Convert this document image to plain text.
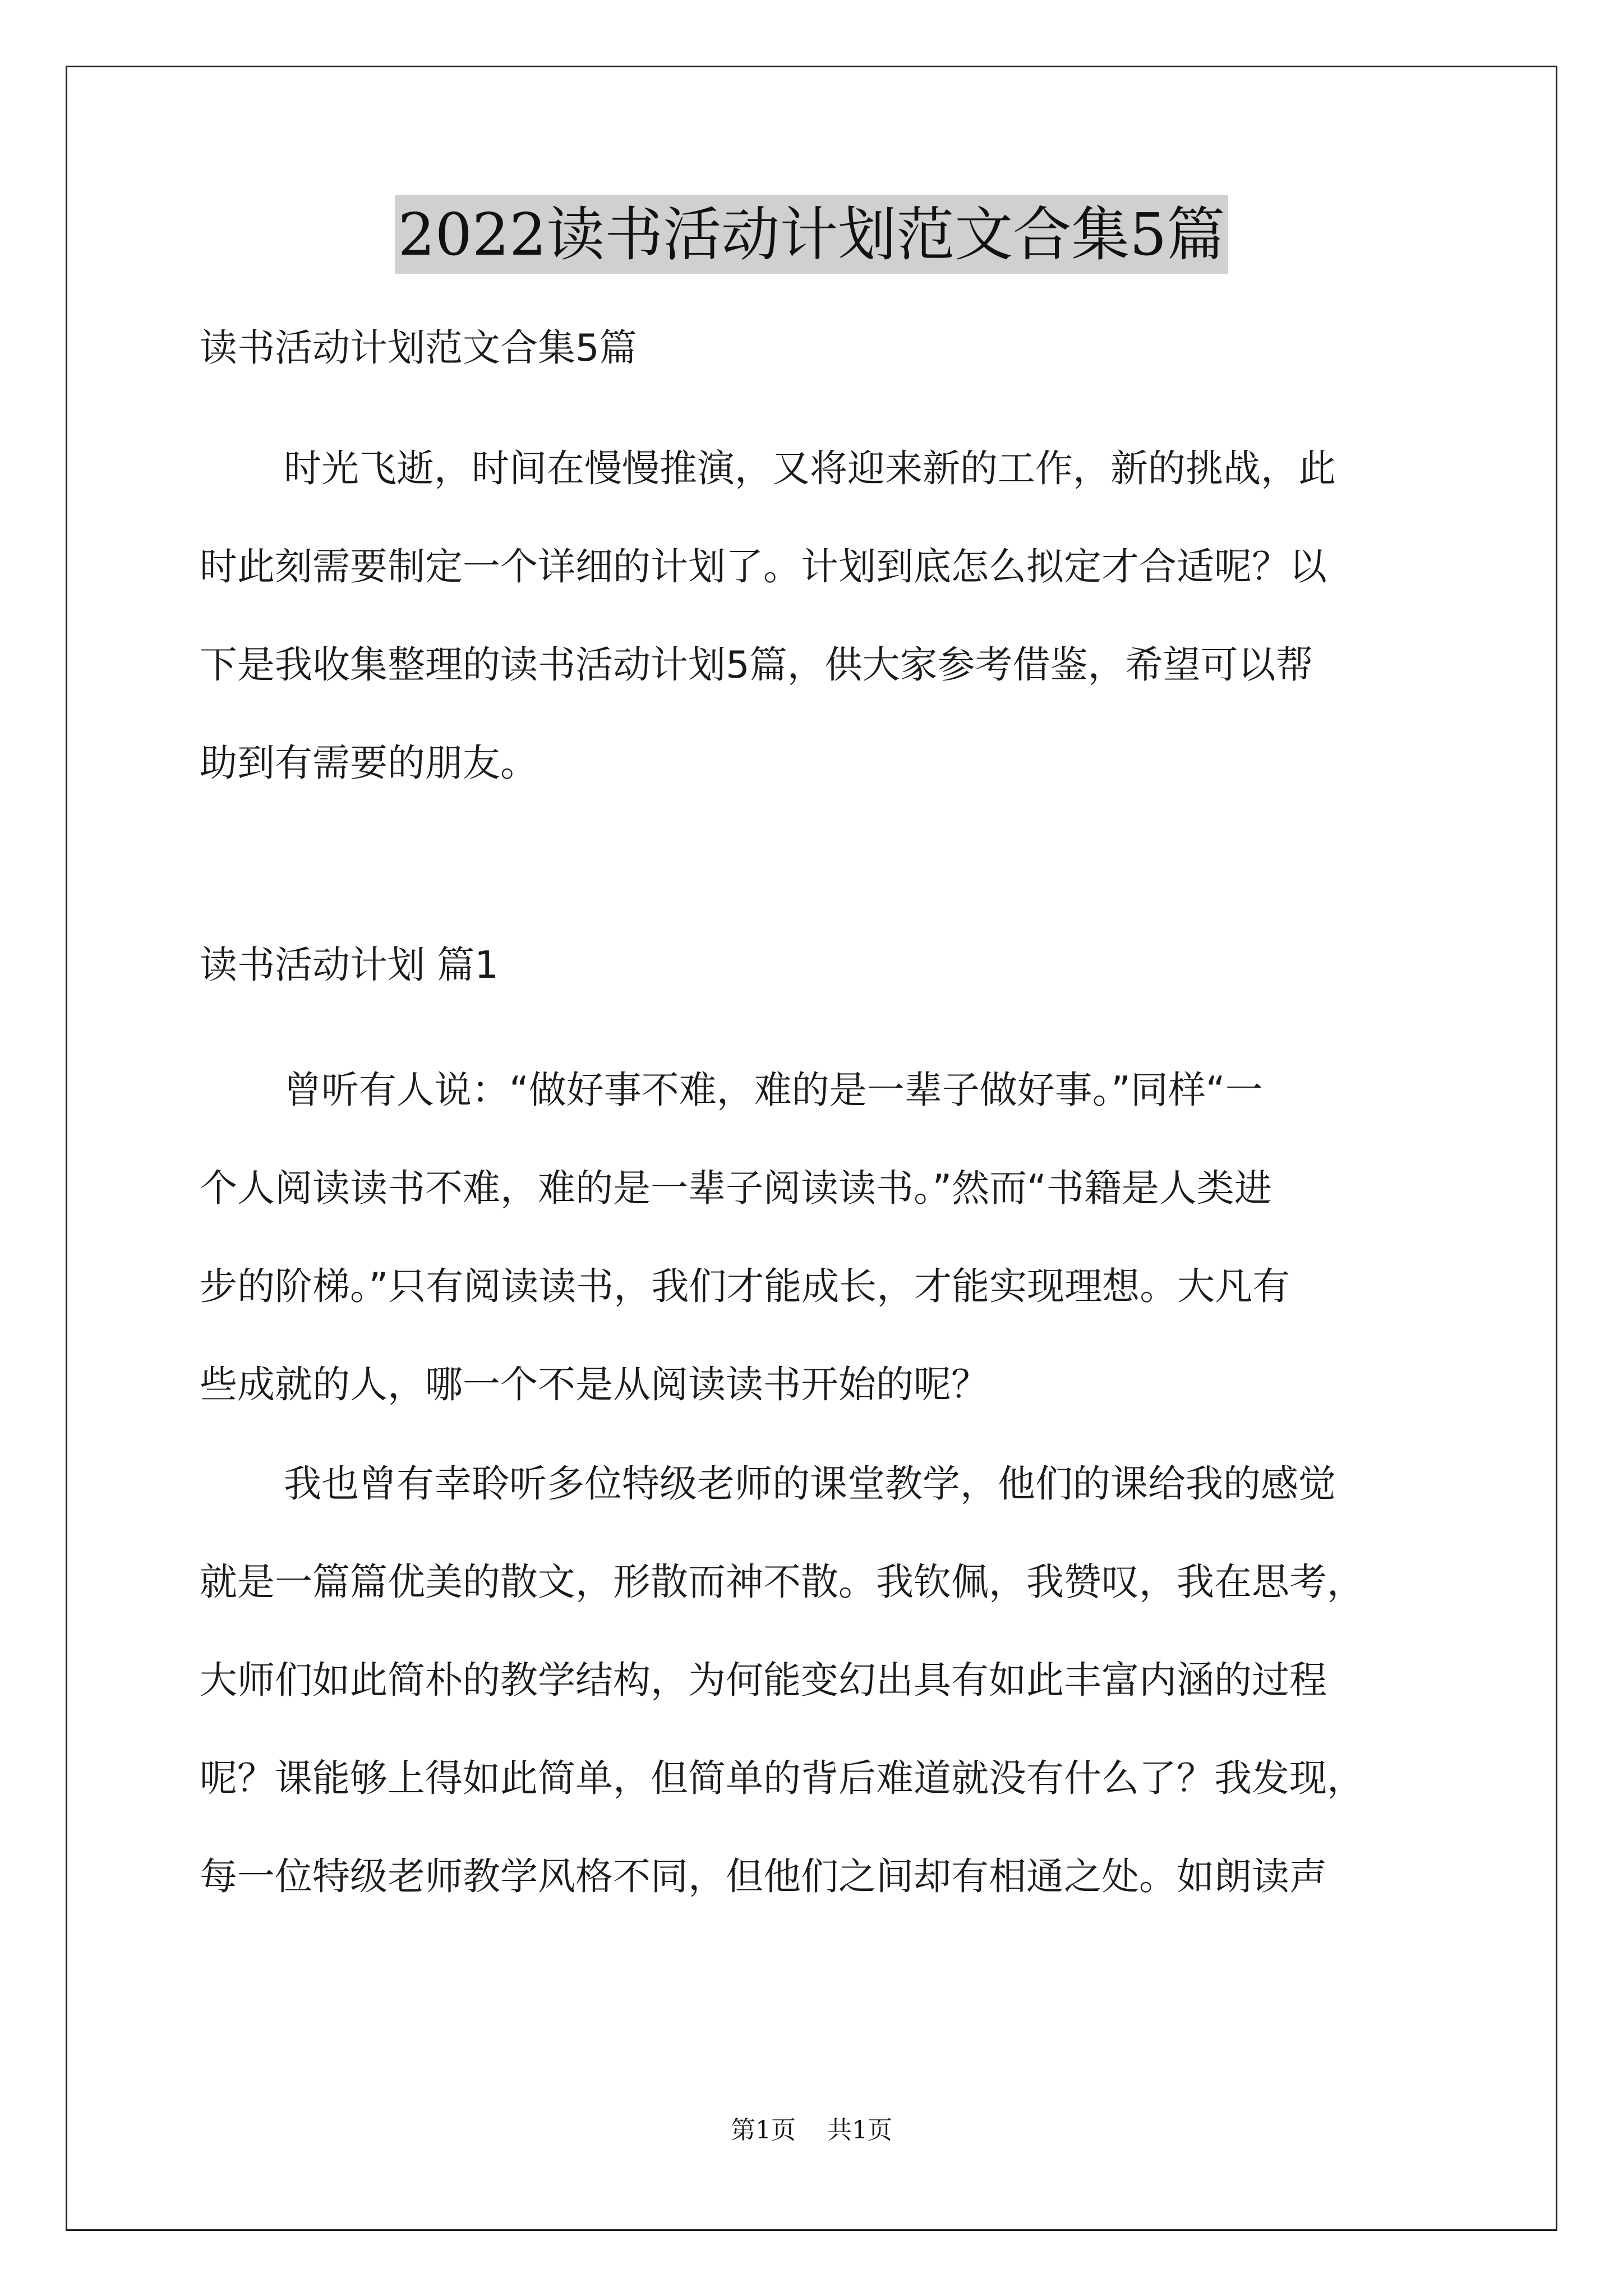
2022读书活动计划范文合集5篇
读书活动计划范文合集5篇
时光飞逝，时间在慢慢推演，又将迎来新的工作，新的挑战，此
时此刻需要制定一个详细的计划了。计划到底怎么拟定才合适呢？以
下是我收集整理的读书活动计划5篇，供大家参考借鉴，希望可以帮
助到有需要的朋友。
读书活动计划 篇1
曾听有人说：“做好事不难，难的是一辈子做好事。”同样“一
个人阅读读书不难，难的是一辈子阅读读书。”然而“书籍是人类进
步的阶梯。”只有阅读读书，我们才能成长，才能实现理想。大凡有
些成就的人，哪一个不是从阅读读书开始的呢？
我也曾有幸聆听多位特级老师的课堂教学，他们的课给我的感觉
就是一篇篇优美的散文，形散而神不散。我钦佩，我赞叹，我在思考，
大师们如此简朴的教学结构，为何能变幻出具有如此丰富内涵的过程
呢？课能够上得如此简单，但简单的背后难道就没有什么了？我发现，
每一位特级老师教学风格不同，但他们之间却有相通之处。如朗读声
第1页 共1页
